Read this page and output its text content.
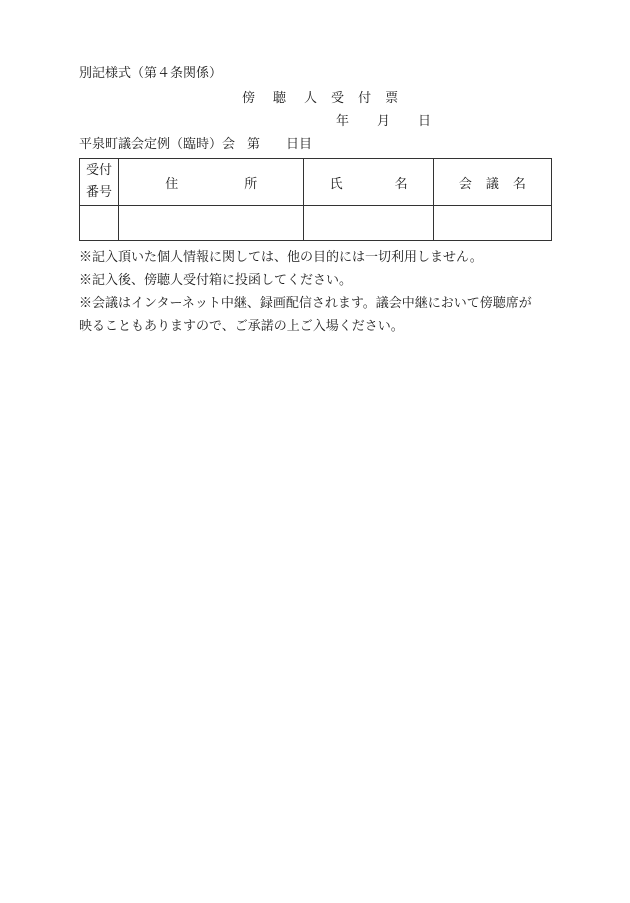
別記様式（第４条関係）
傍 聴 人 受 付 票
年 月 日
平泉町議会定例（臨時）会 第 日目
受付
番号	住 所	氏 名	会 議 名

※記入頂いた個人情報に関しては、他の目的には一切利用しません。
※記入後、傍聴人受付箱に投函してください。
※会議はインターネット中継、録画配信されます。議会中継において傍聴席が
映ることもありますので、ご承諾の上ご入場ください。
